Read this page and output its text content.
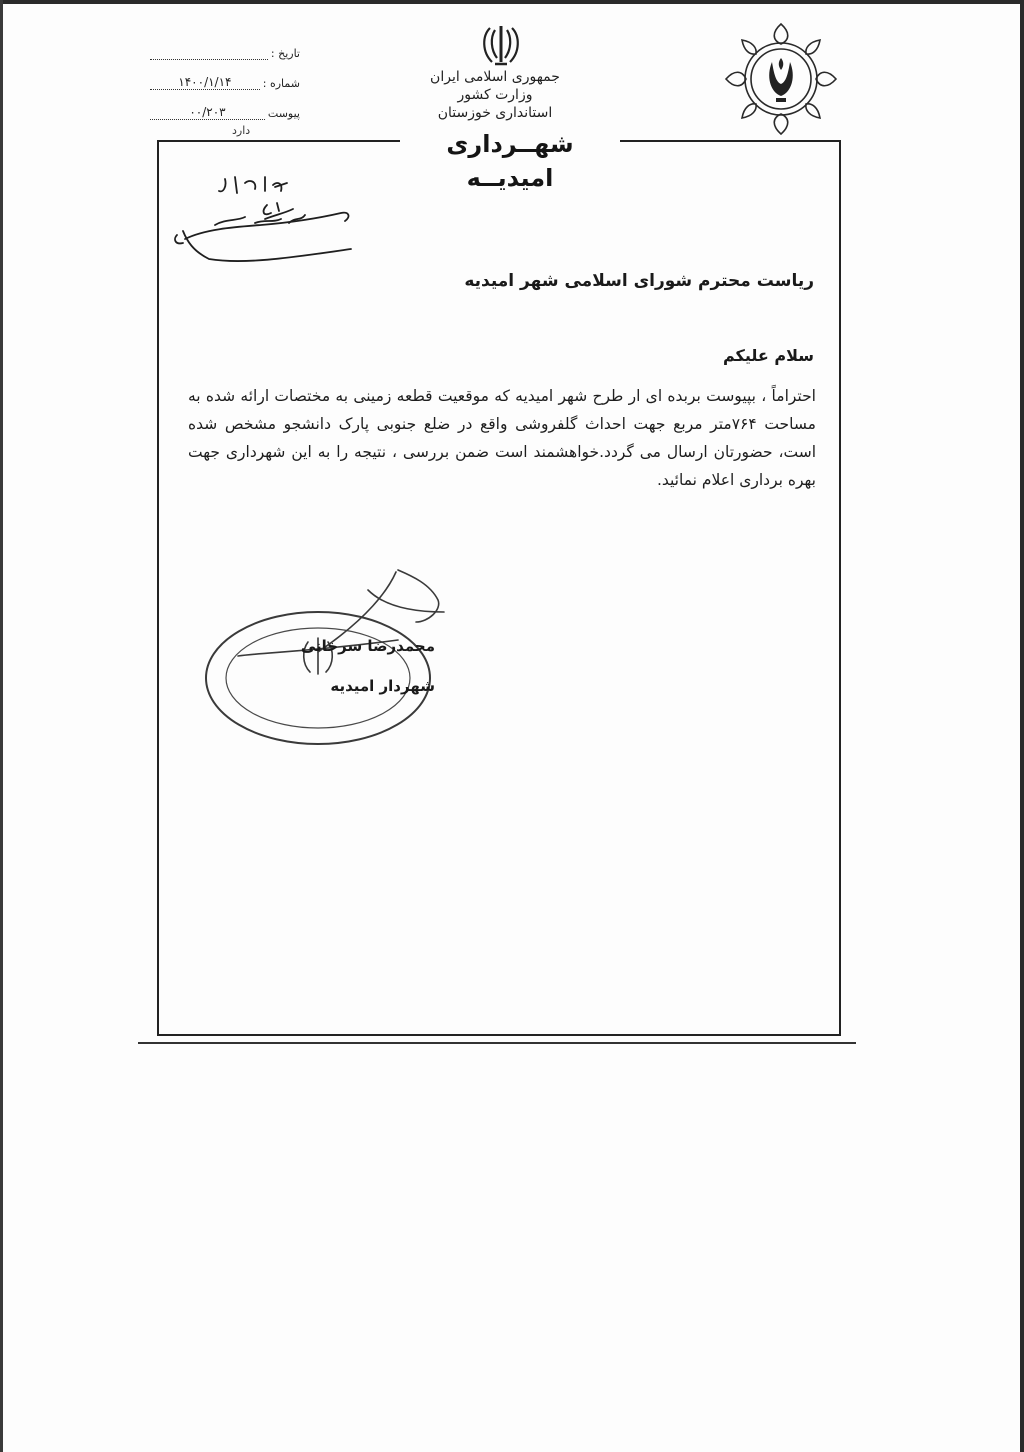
تاریخ :
شماره :
۱۴۰۰/۱/۱۴
پیوست
۰۰/۲۰۳
دارد
جمهوری اسلامی ایران
وزارت کشور
استانداری خوزستان
شهــرداری امیدیــه
ریاست محترم شورای اسلامی شهر امیدیه
سلام علیکم
احتراماً ، بپیوست بربده ای ار طرح شهر امیدیه که موقعیت قطعه زمینی به مختصات ارائه شده به مساحت ۷۶۴متر مربع جهت احداث گلفروشی واقع در ضلع جنوبی پارک دانشجو مشخص شده است، حضورتان ارسال می گردد.خواهشمند است ضمن بررسی ، نتیجه را به این شهرداری جهت بهره برداری اعلام نمائید.
محمدرضا سرخانی
شهردار امیدیه
